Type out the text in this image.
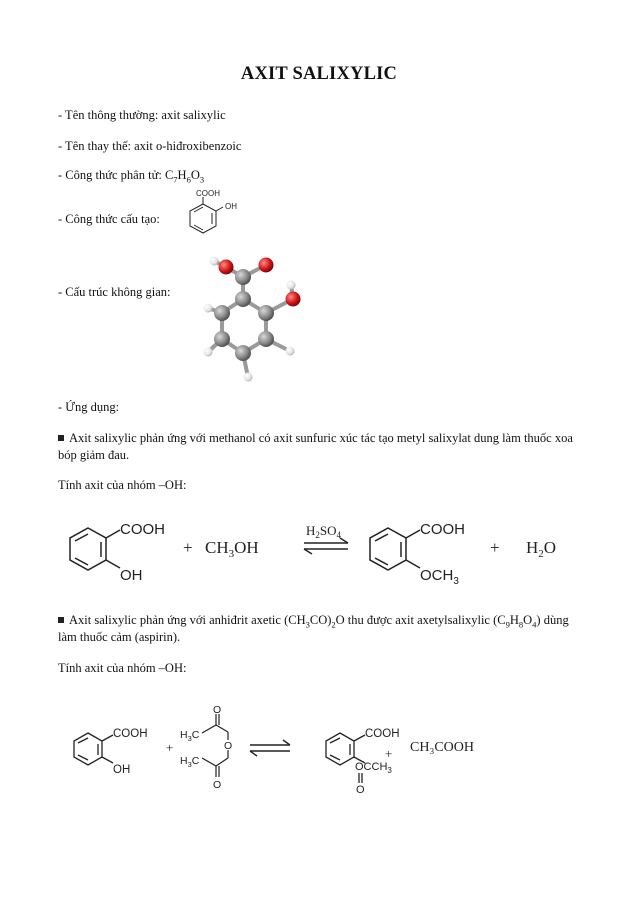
AXIT SALIXYLIC
- Tên thông thường: axit salixylic
- Tên thay thế: axit o-hiđroxibenzoic
- Công thức phân tử: $C_7H_6O_3$
- Công thức cấu tạo:
COOH
OH
- Cấu trúc không gian:
- Ứng dụng:
Axit salixylic phản ứng với methanol có axit sunfuric xúc tác tạo metyl salixylat dung làm thuốc xoa bóp giảm đau.
Tính axit của nhóm –OH:
COOH
OH
+ $CH_3OH$
$H_2SO_4$	COOH
$OCH_3$
+ $H_2O$
Axit salixylic phản ứng với anhiđrit axetic $(CH_3CO)_2O$ thu được axit axetylsalixylic $(C_9H_8O_4)$ dùng làm thuốc cảm (aspirin).
Tính axit của nhóm –OH:
COOH
OH
+
$H_3C$
$H_3C$
O
O
O
COOH
$OCCH_3$
O
+ CH₃COOH
